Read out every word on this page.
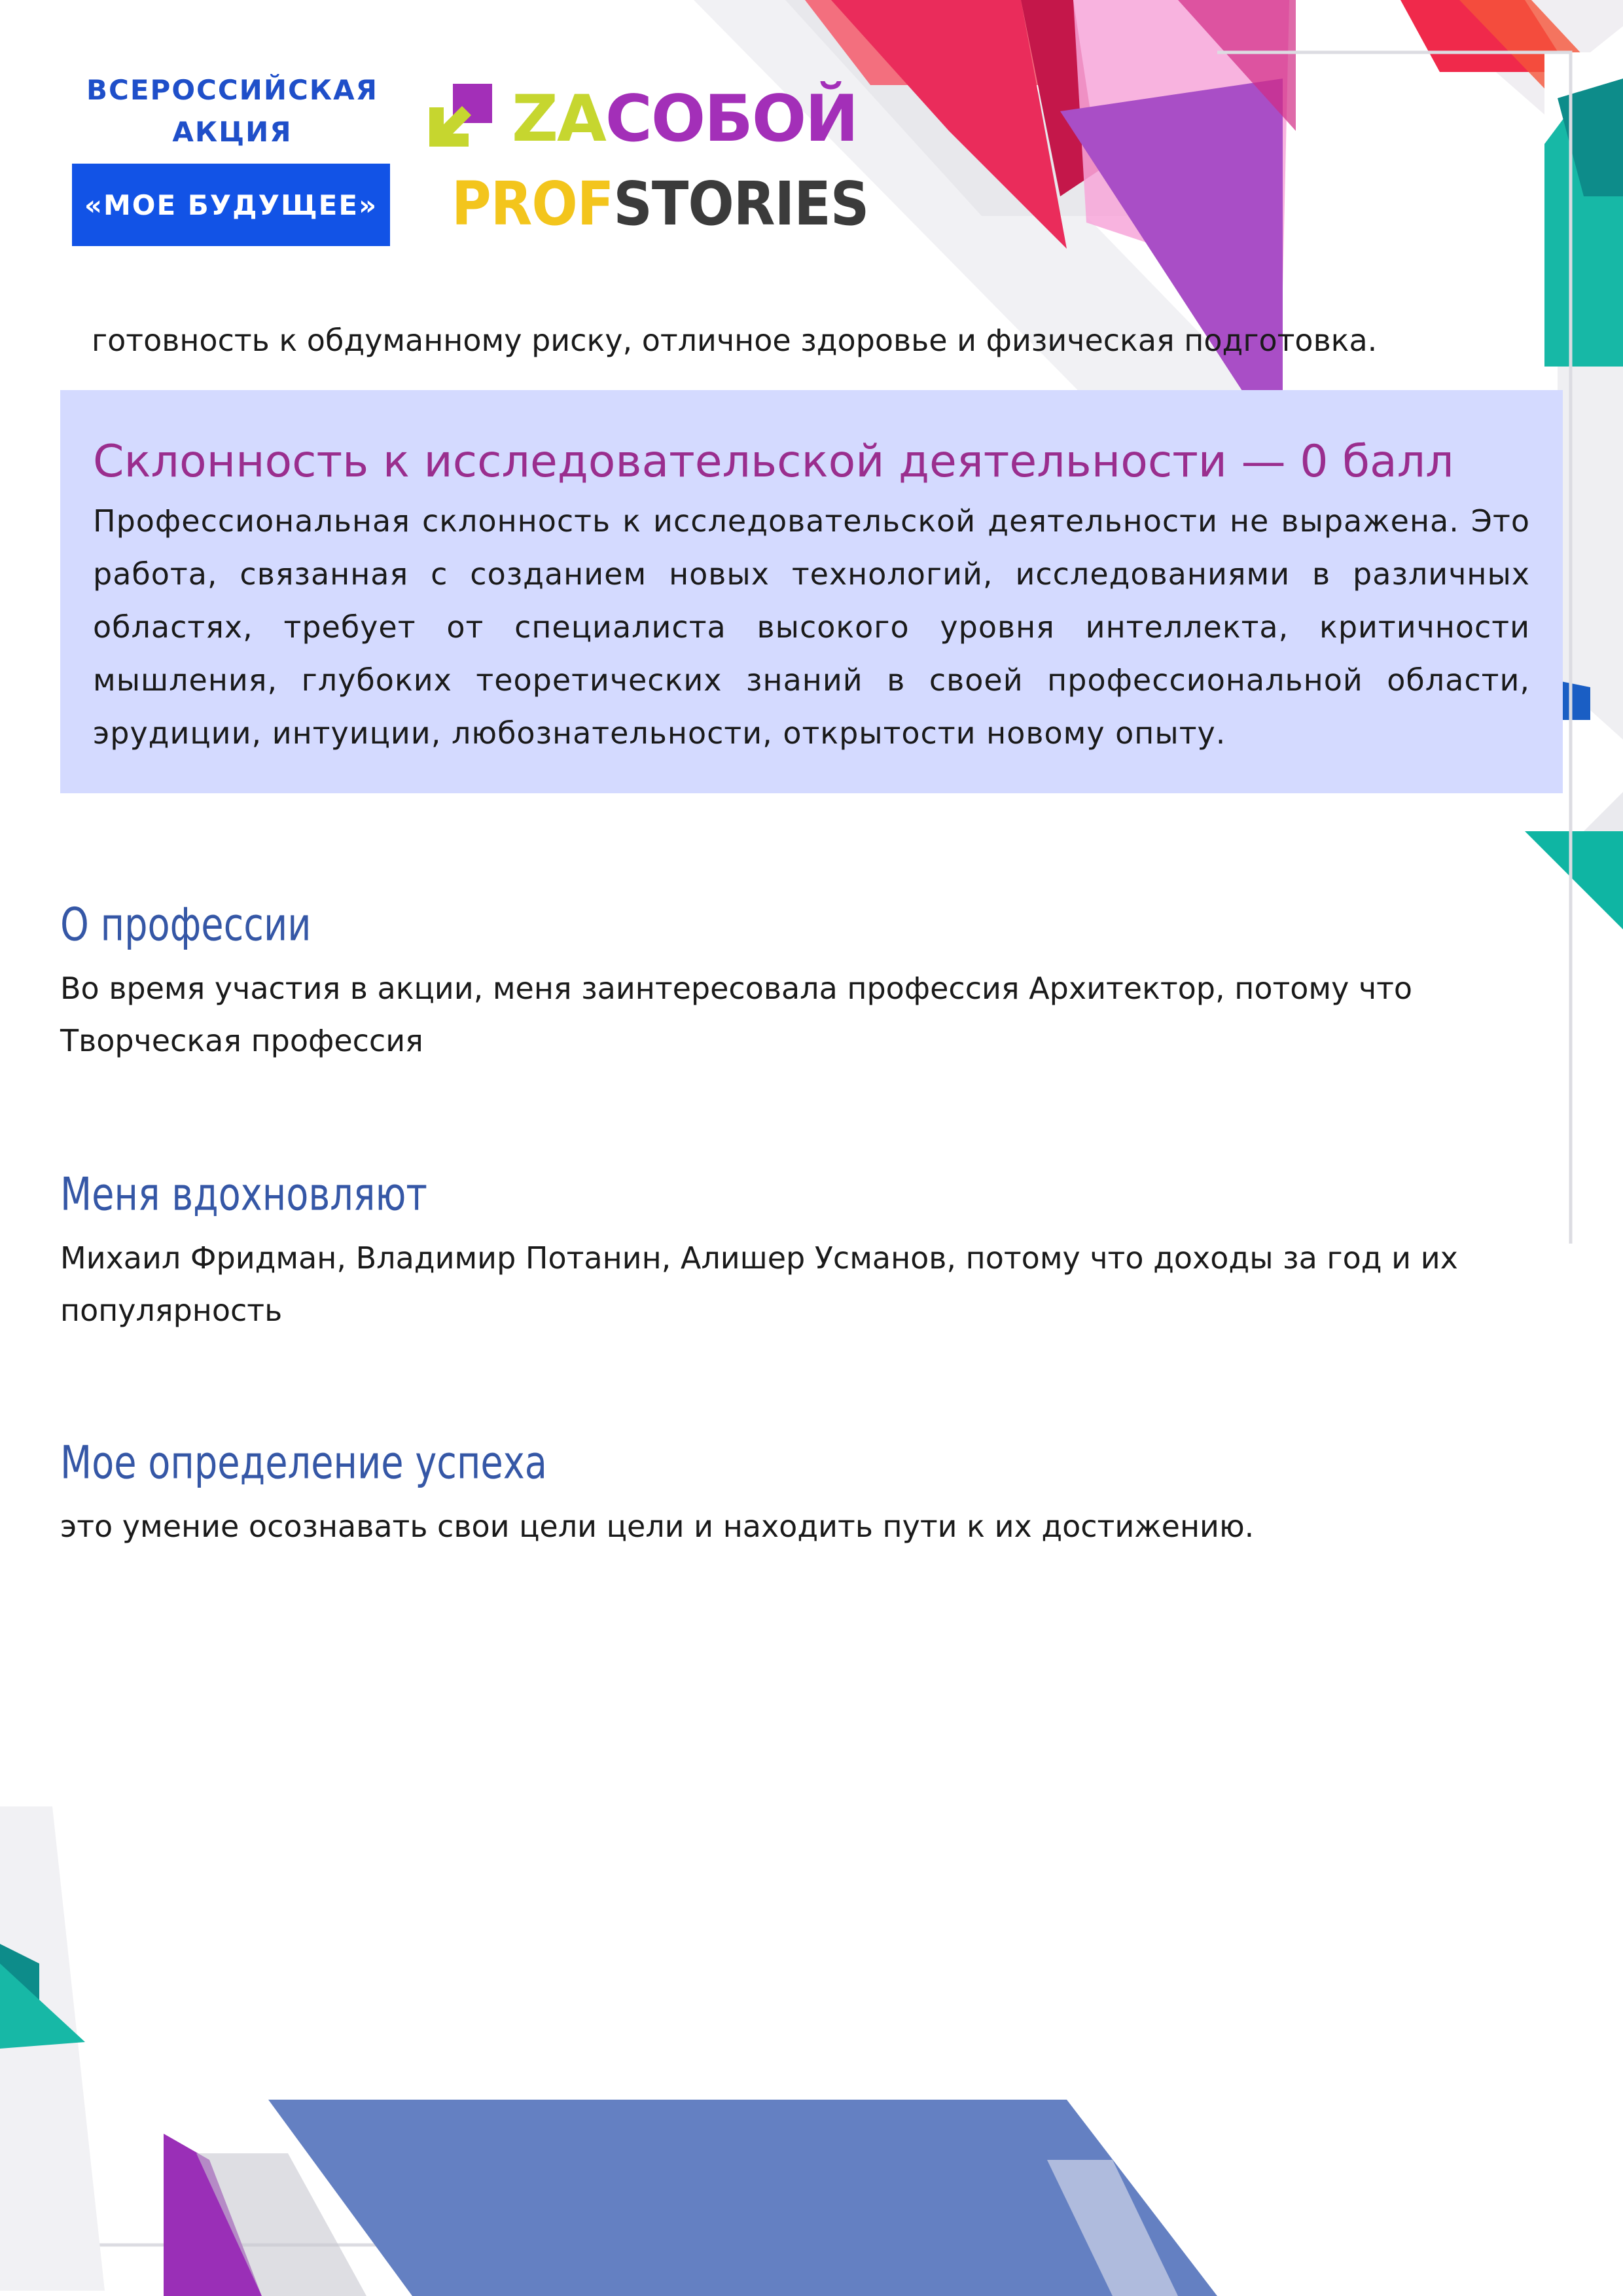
ВСЕРОССИЙСКАЯ
АКЦИЯ
«МОЕ БУДУЩЕЕ»
ZAСОБОЙ
PROFSTORIES
готовность к обдуманному риску, отличное здоровье и физическая подготовка.
Склонность к исследовательской деятельности — 0 балл
Профессиональная склонность к исследовательской деятельности не выражена. Это работа, связанная с созданием новых технологий, исследованиями в различных областях, требует от специалиста высокого уровня интеллекта, критичности мышления, глубоких теоретических знаний в своей профессиональной области, эрудиции, интуиции, любознательности, открытости новому опыту.
О профессии
Во время участия в акции, меня заинтересовала профессия Архитектор, потому что Творческая профессия
Меня вдохновляют
Михаил Фридман, Владимир Потанин, Алишер Усманов, потому что доходы за год и их популярность
Мое определение успеха
это умение осознавать свои цели цели и находить пути к их достижению.
